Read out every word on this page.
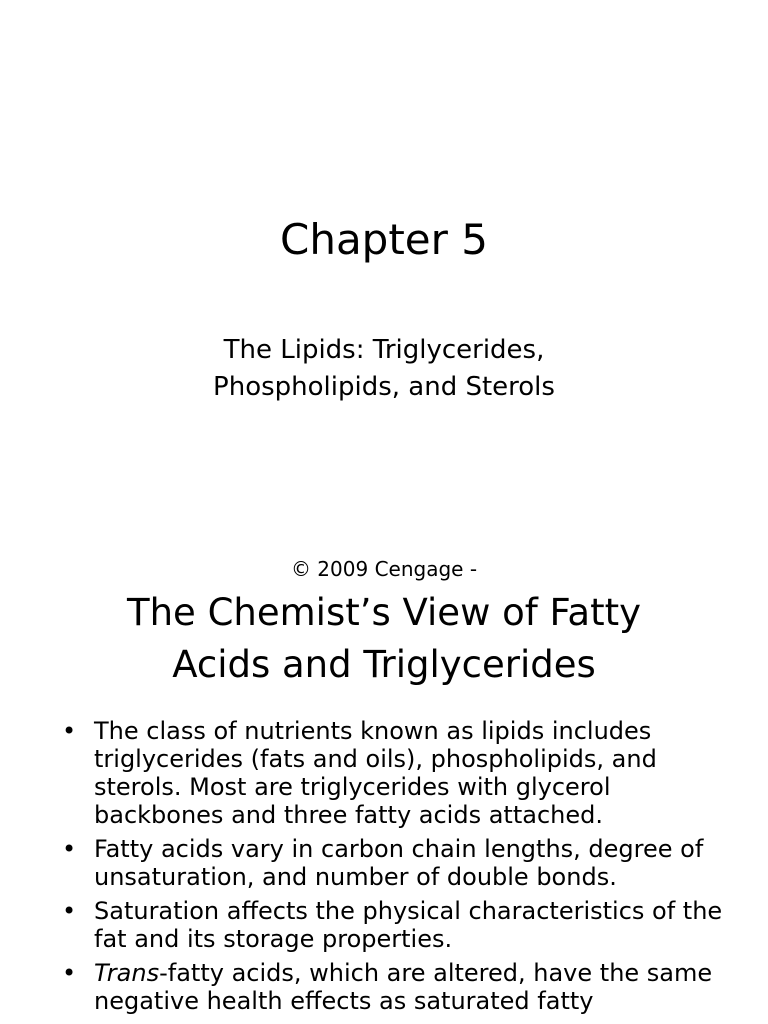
Chapter 5

The Lipids: Triglycerides,
Phospholipids, and Sterols

© 2009 Cengage -

The Chemist’s View of Fatty
Acids and Triglycerides
• The class of nutrients known as lipids includes triglycerides (fats and oils), phospholipids, and sterols. Most are triglycerides with glycerol backbones and three fatty acids attached.
• Fatty acids vary in carbon chain lengths, degree of unsaturation, and number of double bonds.
• Saturation affects the physical characteristics of the fat and its storage properties.
• Trans-fatty acids, which are altered, have the same negative health effects as saturated fatty
